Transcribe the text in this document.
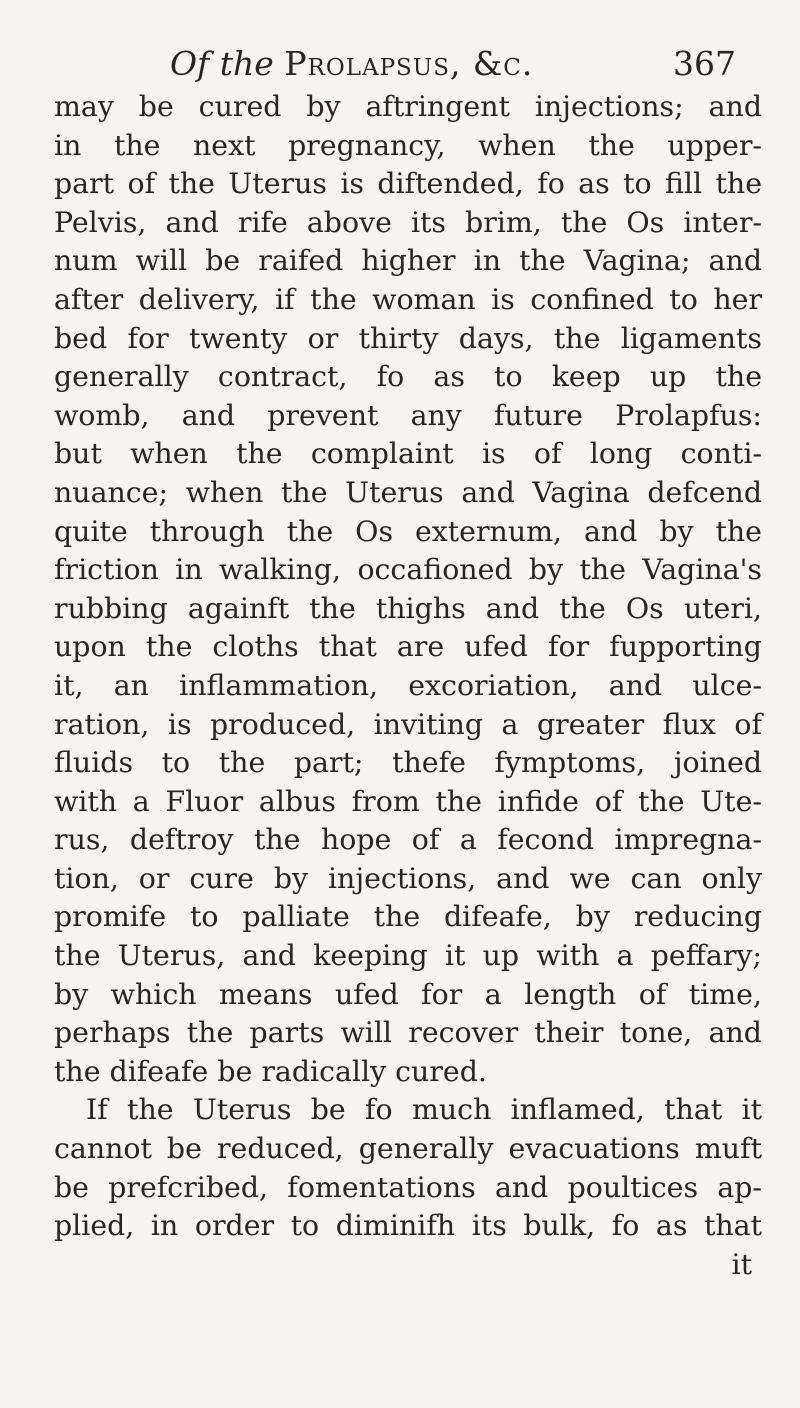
Of the Prolapsus, &c.	367
may be cured by aftringent injections; and
in the next pregnancy, when the upper-
part of the Uterus is diftended, fo as to fill the
Pelvis, and rife above its brim, the Os inter-
num will be raifed higher in the Vagina; and
after delivery, if the woman is confined to her
bed for twenty or thirty days, the ligaments
generally contract, fo as to keep up the
womb, and prevent any future Prolapfus:
but when the complaint is of long conti-
nuance; when the Uterus and Vagina defcend
quite through the Os externum, and by the
friction in walking, occafioned by the Vagina's
rubbing againft the thighs and the Os uteri,
upon the cloths that are ufed for fupporting
it, an inflammation, excoriation, and ulce-
ration, is produced, inviting a greater flux of
fluids to the part; thefe fymptoms, joined
with a Fluor albus from the infide of the Ute-
rus, deftroy the hope of a fecond impregna-
tion, or cure by injections, and we can only
promife to palliate the difeafe, by reducing
the Uterus, and keeping it up with a peffary;
by which means ufed for a length of time,
perhaps the parts will recover their tone, and
the difeafe be radically cured.
If the Uterus be fo much inflamed, that it
cannot be reduced, generally evacuations muft
be prefcribed, fomentations and poultices ap-
plied, in order to diminifh its bulk, fo as that
it
